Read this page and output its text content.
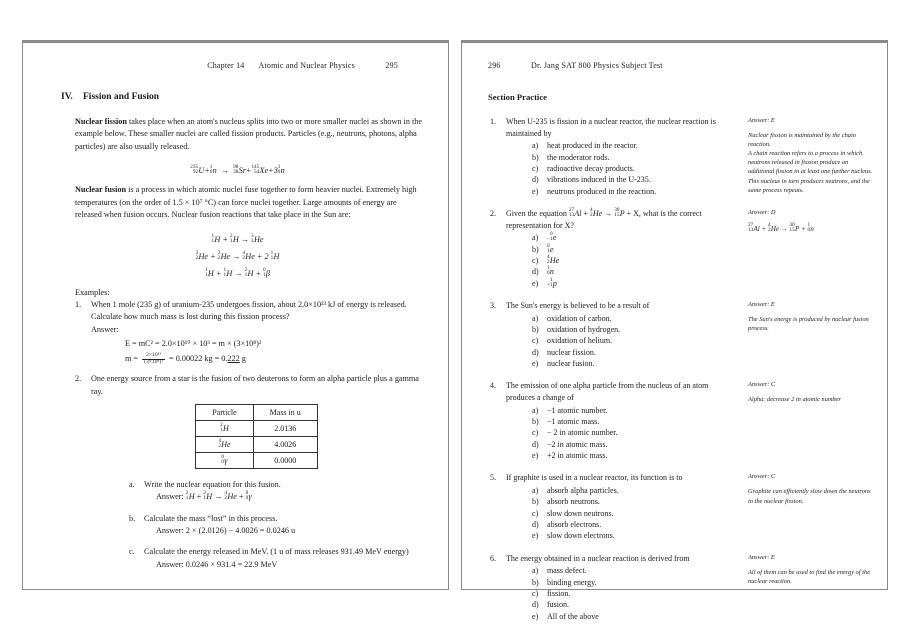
Chapter 14 Atomic and Nuclear Physics	295
IV. Fission and Fusion

Nuclear fission takes place when an atom's nucleus splits into two or more smaller nuclei as shown in the example below. These smaller nuclei are called fission products. Particles (e.g., neutrons, photons, alpha particles) are also usually released.

235
92 U+ 1
0 n → 98
38 Sr+ 145
54 Xe+3 1
0 n

Nuclear fusion is a process in which atomic nuclei fuse together to form heavier nuclei. Extremely high temperatures (on the order of 1.5 × 10⁷ °C) can force nuclei together. Large amounts of energy are released when fusion occurs. Nuclear fusion reactions that take place in the Sun are:

1
1 H + 2
1 H → 3
2 He
3
2 He + 3
2 He → 4
2 He + 2 1
1 H
1
1 H + 1
1 H → 2
1 H + 0
1 β
Examples:
1. When 1 mole (235 g) of uranium-235 undergoes fission, about 2.0×10²³ kJ of energy is released. Calculate how much mass is lost during this fission process?
Answer:
E = mC² = 2.0×10¹⁰ × 10³ = m × (3×10⁸)²
$m = \frac{\text{2×10¹³}}{\text{(3×10⁸)²}} = 0.00022$ kg = 0.222 g
2. One energy source from a star is the fusion of two deuterons to form an alpha particle plus a gamma ray.
Particle	Mass in u

2
1 H	2.0136

4
2 He	4.0026

0
0 γ	0.0000
a. Write the nuclear equation for this fusion.
Answer: 2
1 H + 2
1 H → 4
2 He + 0
0 γ
b. Calculate the mass “lost” in this process.
Answer: 2 × (2.0126) − 4.0026 = 0.0246 u
c. Calculate the energy released in MeV. (1 u of mass releases 931.49 MeV energy)
Answer: 0.0246 × 931.4 = 22.9 MeV
296	Dr. Jang SAT 800 Physics Subject Test
Section Practice
1. When U-235 is fission in a nuclear reactor, the nuclear reaction is maintained by
a) heat produced in the reactor.
b) the moderator rods.
c) radioactive decay products.
d) vibrations induced in the U-235.
e) neutrons produced in the reaction.
Answer: E
Nuclear fission is maintained by the chain reaction.
A chain reaction refers to a process in which neutrons released in fission produce an additional fission in at least one further nucleus. This nucleus in turn produces neutrons, and the same process repeats.
2. Given the equation 27
13 Al + 4
2 He → 30
15 P + X, what is the correct representation for X?
a)	0
−1 e
b) 0
1 e
c) 4
2 He
d) 1
0 n
e)	1
+1 p
Answer: D
27
13 Al + 4
2 He → 30
15 P + 1
0 n
3. The Sun's energy is believed to be a result of
a) oxidation of carbon.
b) oxidation of hydrogen.
c) oxidation of helium.
d) nuclear fission.
e) nuclear fusion.
Answer: E
The Sun's energy is produced by nuclear fusion process.
4. The emission of one alpha particle from the nucleus of an atom produces a change of
a) −1 atomic number.
b) −1 atomic mass.
c) − 2 in atomic number.
d) −2 in atomic mass.
e) +2 in atomic mass.
Answer: C
Alpha: decrease 2 in atomic number
5. If graphite is used in a nuclear reactor, its function is to
a) absorb alpha particles.
b) absorb neutrons.
c) slow down neutrons.
d) absorb electrons.
e) slow down electrons.
Answer: C
Graphite can efficiently slow down the neutrons in the nuclear fission.
6. The energy obtained in a nuclear reaction is derived from
a) mass defect.
b) binding energy.
c) fission.
d) fusion.
e) All of the above
Answer: E
All of them can be used to find the energy of the nuclear reaction.
